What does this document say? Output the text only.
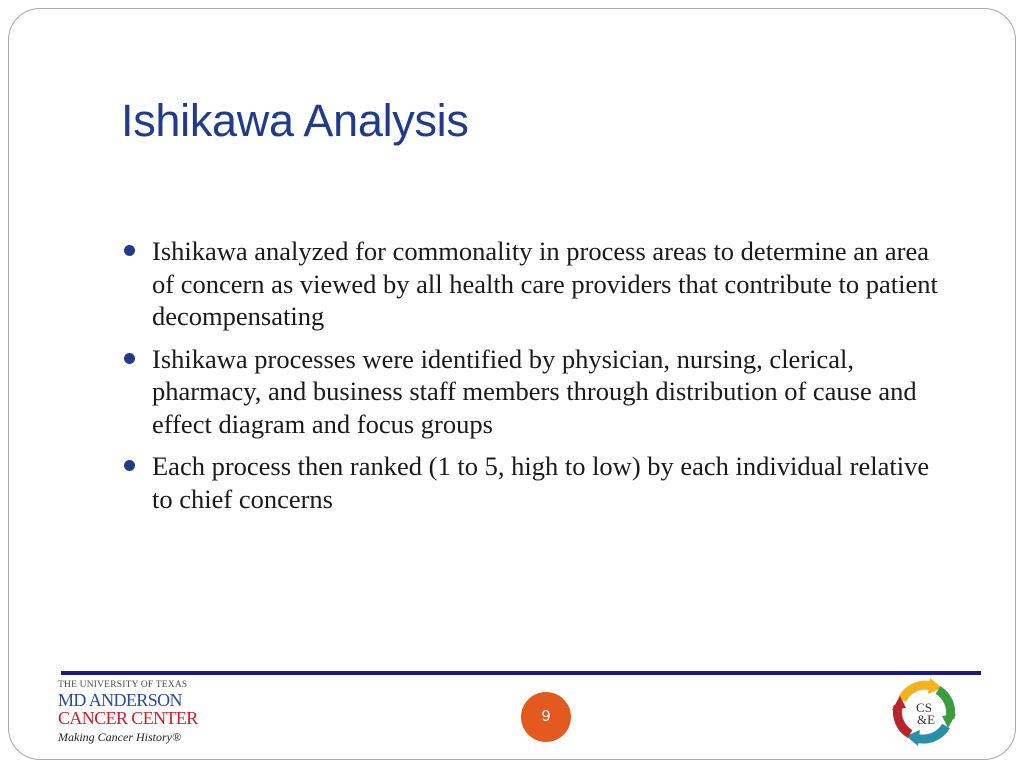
Ishikawa Analysis
Ishikawa analyzed for commonality in process areas to determine an area of concern as viewed by all health care providers that contribute to patient decompensating
Ishikawa processes were identified by physician, nursing, clerical, pharmacy, and business staff members through distribution of cause and effect diagram and focus groups
Each process then ranked (1 to 5, high to low) by each individual relative to chief concerns
THE UNIVERSITY OF TEXAS
MD ANDERSON
CANCER CENTER
Making Cancer History®
9
CS
&E
